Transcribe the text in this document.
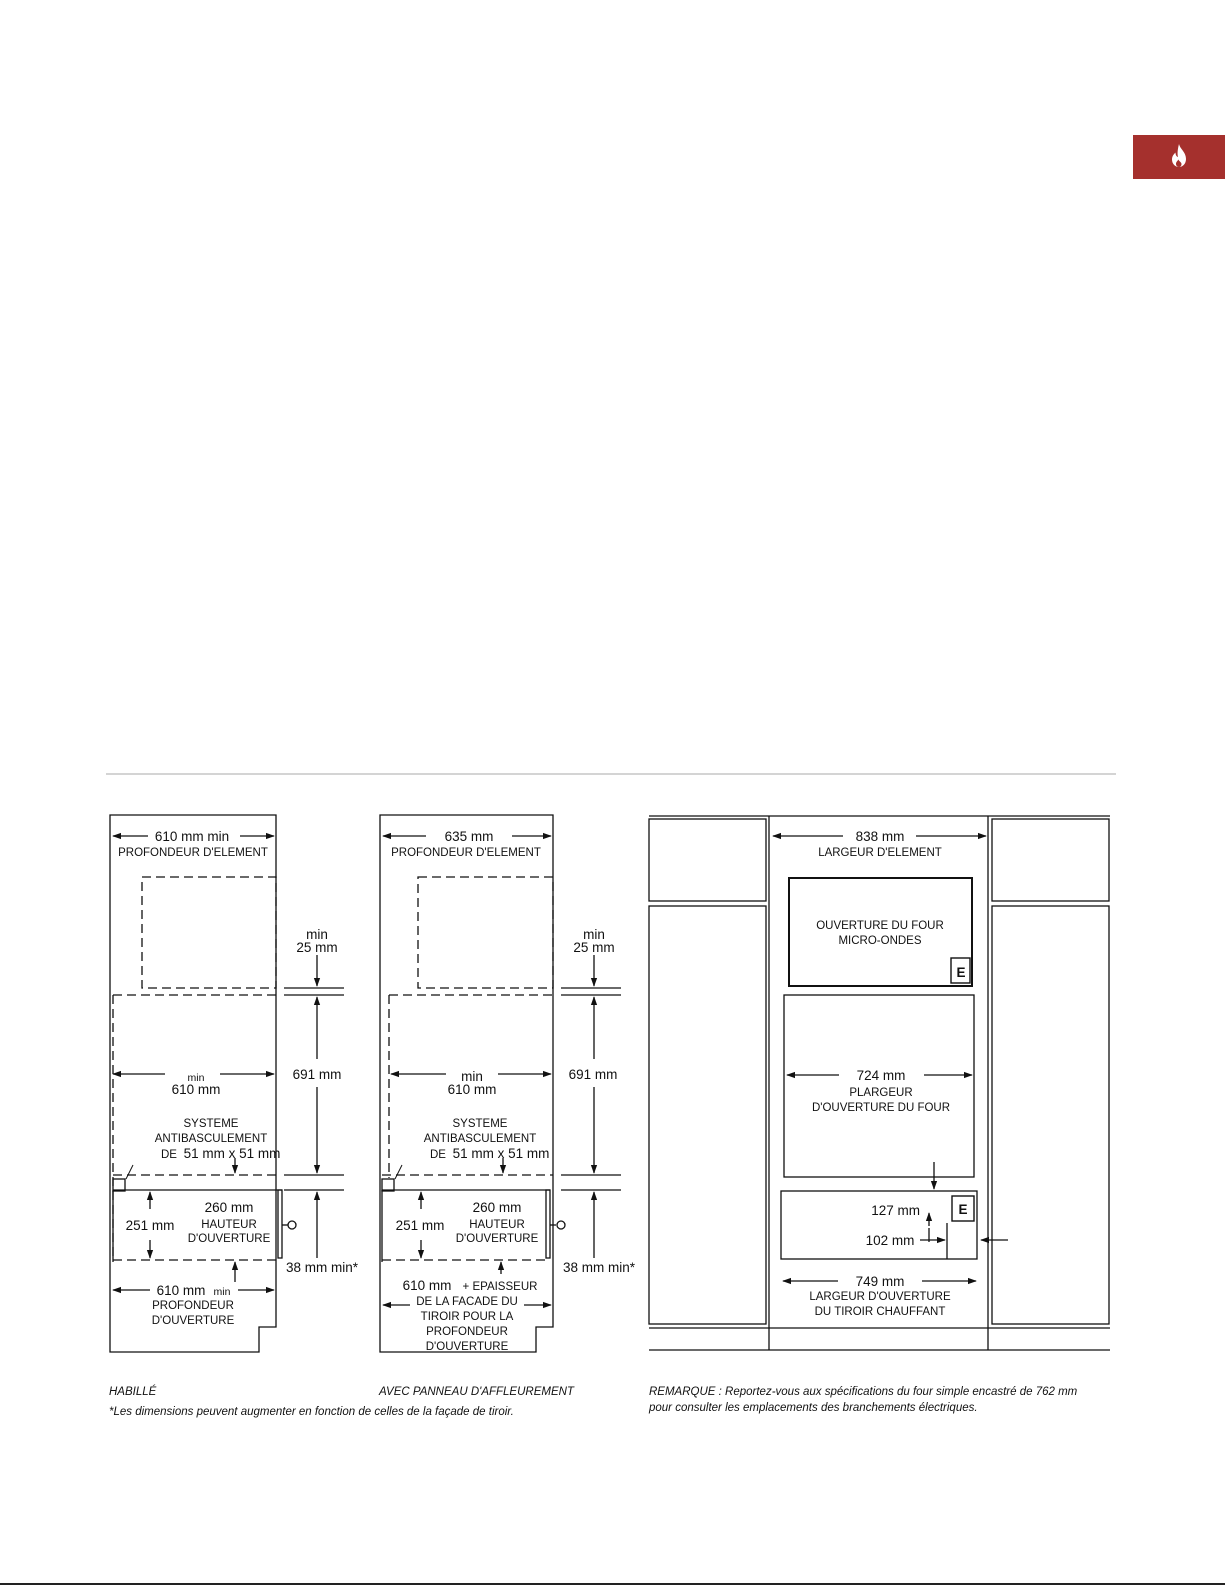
610 mm min
PROFONDEUR D'ELEMENT
min
25 mm
min
610 mm
691 mm
SYSTEME
ANTIBASCULEMENT
DE 51 mm x 51 mm
260 mm
HAUTEUR
D'OUVERTURE
251 mm
38 mm min*
610 mm min
PROFONDEUR
D'OUVERTURE
635 mm
PROFONDEUR D'ELEMENT
min
25 mm
min
610 mm
691 mm
SYSTEME
ANTIBASCULEMENT
DE 51 mm x 51 mm
260 mm
HAUTEUR
D'OUVERTURE
251 mm
38 mm min*
610 mm + EPAISSEUR
DE LA FACADE DU
TIROIR POUR LA
PROFONDEUR
D'OUVERTURE
838 mm
LARGEUR D'ELEMENT
OUVERTURE DU FOUR
MICRO-ONDES
E
724 mm
PLARGEUR
D'OUVERTURE DU FOUR
127 mm	E
102 mm
749 mm
LARGEUR D'OUVERTURE
DU TIROIR CHAUFFANT
HABILLÉ	AVEC PANNEAU D'AFFLEUREMENT
*Les dimensions peuvent augmenter en fonction de celles de la façade de tiroir.
REMARQUE : Reportez-vous aux spécifications du four simple encastré de 762 mm
pour consulter les emplacements des branchements électriques.
